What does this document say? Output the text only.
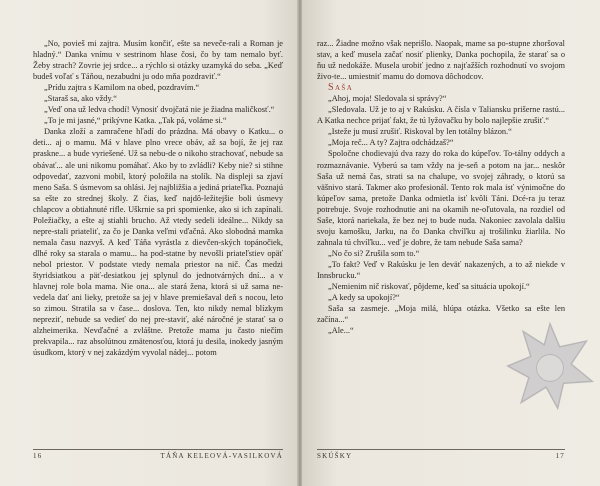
„No, povieš mi zajtra. Musím končiť, ešte sa neveče-rali a Roman je hladný.“ Danka vnímu v sestrinom hlase čosi, čo by tam nemalo byť. Žeby strach? Zovrie jej srdce... a rýchlo si otázky uzamyká do seba. „Keď budeš voľať s Táňou, nezabudni ju odo mňa pozdraviť.“

„Prídu zajtra s Kamilom na obed, pozdravím.“

„Staraš sa, ako vždy.“

„Veď ona už ledva chodí! Vynosiť dvojčatá nie je žiadna maličkosť.“

„To je mi jasné,“ prikývne Katka. „Tak pá, voláme si.“

Danka zloží a zamračene hľadí do prázdna. Má obavy o Katku... o deti... aj o mamu. Má v hlave plno vrece obáv, až sa bojí, že jej raz praskne... a bude vyriešené. Už sa nebu-de o nikoho strachovať, nebude sa obávať... ale uni nikomu pomáhať. Ako by to zvládli? Keby nie? si stihne odpovedať, zazvoni mobil, ktorý položila na stolík. Na displeji sa zjaví meno Saša. S úsmevom sa ohlási. Jej najbližšia a jediná priateľka. Poznajú sa ešte zo strednej školy. Z čias, keď najdô-ležitejšie boli úsmevy chlapcov a obtiahnuté rifle. Uškrnie sa pri spomienke, ako si ich zapínali. Poležiačky, a ešte aj stiahli brucho. Až vtedy sedeli ideálne... Nikdy sa nepre-stali priateliť, za čo je Danka veľmi vďačná. Ako slobodná mamka nemala času nazvyš. A keď Táňa vyrástla z dievčen-ských topánočiek, dlhé roky sa starala o mamu... ha pod-statne by nevošli priateľstiev opäť nebol priestor. V podstate vtedy nemala priestor na nič. Čas medzi štyridsiatkou a päť-desiatkou jej splynul do jednotvárných dní... a v hlavnej role bola mama. Nie ona... ale stará žena, ktorá si už sama ne-vedela dať ani lieky, pretože sa jej v hlave premiešaval deň s nocou, leto so zimou. Stratila sa v čase... doslova. Ten, kto nikdy nemal blízkym nepreziť, nebude sa vedieť do nej pre-staviť, aké náročné je starať sa o alzheimerika. Nevďačné a zvláštne. Pretože mama ju často niečím prekvapila... raz absolútnou zmätenosťou, ktorá ju desila, inokedy jasným úsudkom, ktorý v nej zakázdým vyvolal nádej... potom

16	TÁŇA KELEOVÁ-VASILKOVÁ

raz... Žiadne možno však neprišlo. Naopak, mame sa po-stupne zhoršoval stav, a keď musela začať nosiť plienky, Danka pochopila, že starať sa o ňu už nedokáže. Musela urobiť jedno z najťažších rozhodnutí vo svojom živo-te... umiestniť mamu do domova dôchodcov.

Saša

„Ahoj, moja! Sledovala si správy?“

„Sledovala. Už je to aj v Rakúsku. A čísla v Taliansku prišerne rastú... A Katka nechce prijať fakt, že tú lyžovačku by bolo najlepšie zrušiť.“

„Isteže ju musí zrušiť. Riskoval by len totálny blázon.“

„Moja reč... A ty? Zajtra odchádzaš?“

Spoločne chodievajú dva razy do roka do kúpeľov. To-tálny oddych a rozmaznávanie. Vyberú sa tam vždy na je-seň a potom na jar... neskôr Saša už nemá čas, strati sa na chalupe, vo svojej záhrady, o ktorú sa väšnivo stará. Takmer ako profesionál. Tento rok mala isť výnimočne do kúpeľov sama, pretože Danka odmietla isť kvôli Táni. Dcé-ra ju teraz potrebuje. Svoje rozhodnutie ani na okamih ne-oľutovala, na rozdiel od Saše, ktorá nariekala, že bez nej to bude nuda. Nakoniec zavolala dalšiu svoju kamošku, Jarku, na čo Danka chvíľku aj trošilinku žiarlila. No zahnala tú chvíľku... veď je dobre, že tam nebude Saša sama?

„No čo si? Zrušila som to.“

„To fakt? Veď v Rakúsku je len deväť nakazených, a to až niekde v Innsbrucku.“

„Nemienim nič riskovať, pôjdeme, keď sa situácia upokojí.“

„A kedy sa upokojí?“

Saša sa zasmeje. „Moja milá, hlúpa otázka. Všetko sa ešte len začína...“

„Ale...“

SKÚŠKY	17
